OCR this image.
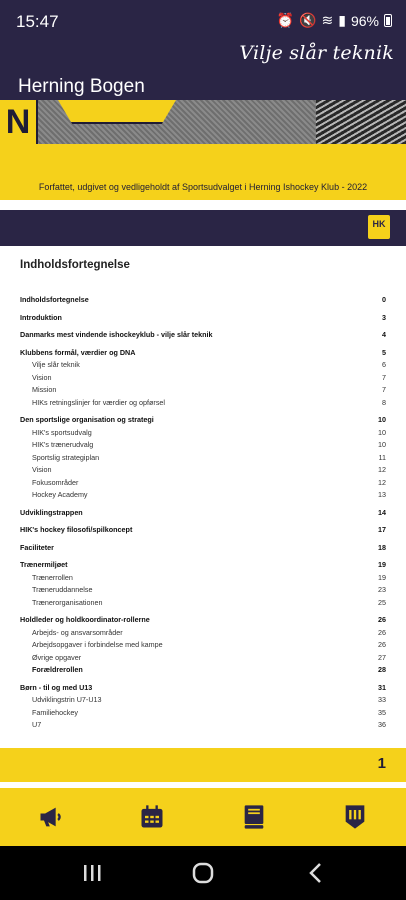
15:47	⏰ 🔇 ≋ ▮ 96%
Vilje slår teknik
Herning Bogen
N
Forfattet, udgivet og vedligeholdt af Sportsudvalget i Herning Ishockey Klub - 2022
HK
Indholdsfortegnelse
Indholdsfortegnelse	0
Introduktion	3
Danmarks mest vindende ishockeyklub - vilje slår teknik	4
Klubbens formål, værdier og DNA	5
Vilje slår teknik	6
Vision	7
Mission	7
HIKs retningslinjer for værdier og opførsel	8
Den sportslige organisation og strategi	10
HIK's sportsudvalg	10
HIK's trænerudvalg	10
Sportslig strategiplan	11
Vision	12
Fokusområder	12
Hockey Academy	13
Udviklingstrappen	14
HIK's hockey filosofi/spilkoncept	17
Faciliteter	18
Trænermiljøet	19
Trænerrollen	19
Træneruddannelse	23
Trænerorganisationen	25
Holdleder og holdkoordinator-rollerne	26
Arbejds- og ansvarsområder	26
Arbejdsopgaver i forbindelse med kampe	26
Øvrige opgaver	27
Forældrerollen	28
Børn - til og med U13	31
Udviklingstrin U7-U13	33
Familiehockey	35
U7	36
1
